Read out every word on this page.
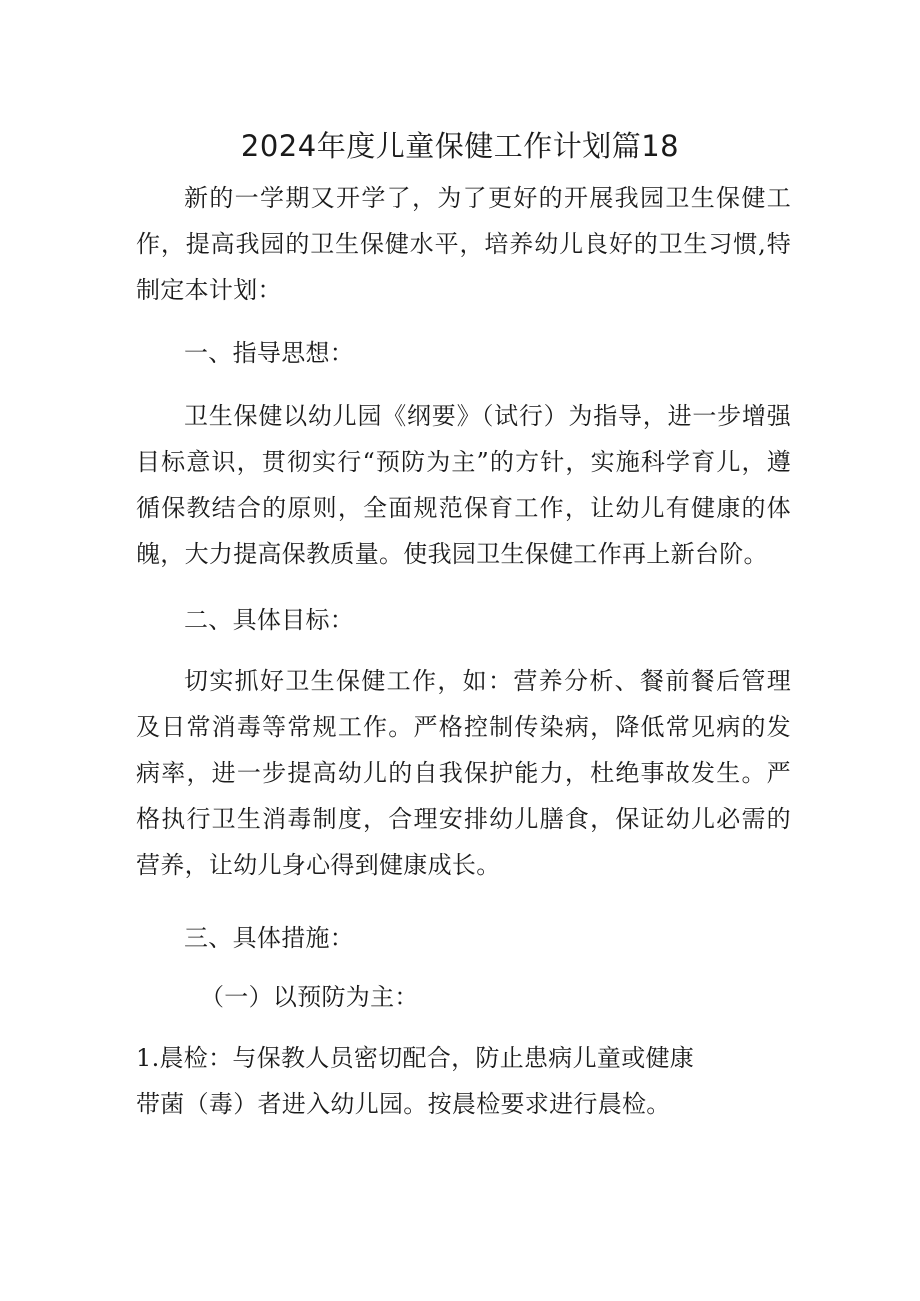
2024年度儿童保健工作计划篇18

新的一学期又开学了，为了更好的开展我园卫生保健工作，提高我园的卫生保健水平，培养幼儿良好的卫生习惯,特制定本计划：

一、指导思想：

卫生保健以幼儿园《纲要》（试行）为指导，进一步增强目标意识，贯彻实行“预防为主”的方针，实施科学育儿，遵循保教结合的原则，全面规范保育工作，让幼儿有健康的体魄，大力提高保教质量。使我园卫生保健工作再上新台阶。

二、具体目标：

切实抓好卫生保健工作，如：营养分析、餐前餐后管理及日常消毒等常规工作。严格控制传染病，降低常见病的发病率，进一步提高幼儿的自我保护能力，杜绝事故发生。严格执行卫生消毒制度，合理安排幼儿膳食，保证幼儿必需的营养，让幼儿身心得到健康成长。

三、具体措施：

（一）以预防为主：

1.晨检：与保教人员密切配合，防止患病儿童或健康
带菌（毒）者进入幼儿园。按晨检要求进行晨检。
